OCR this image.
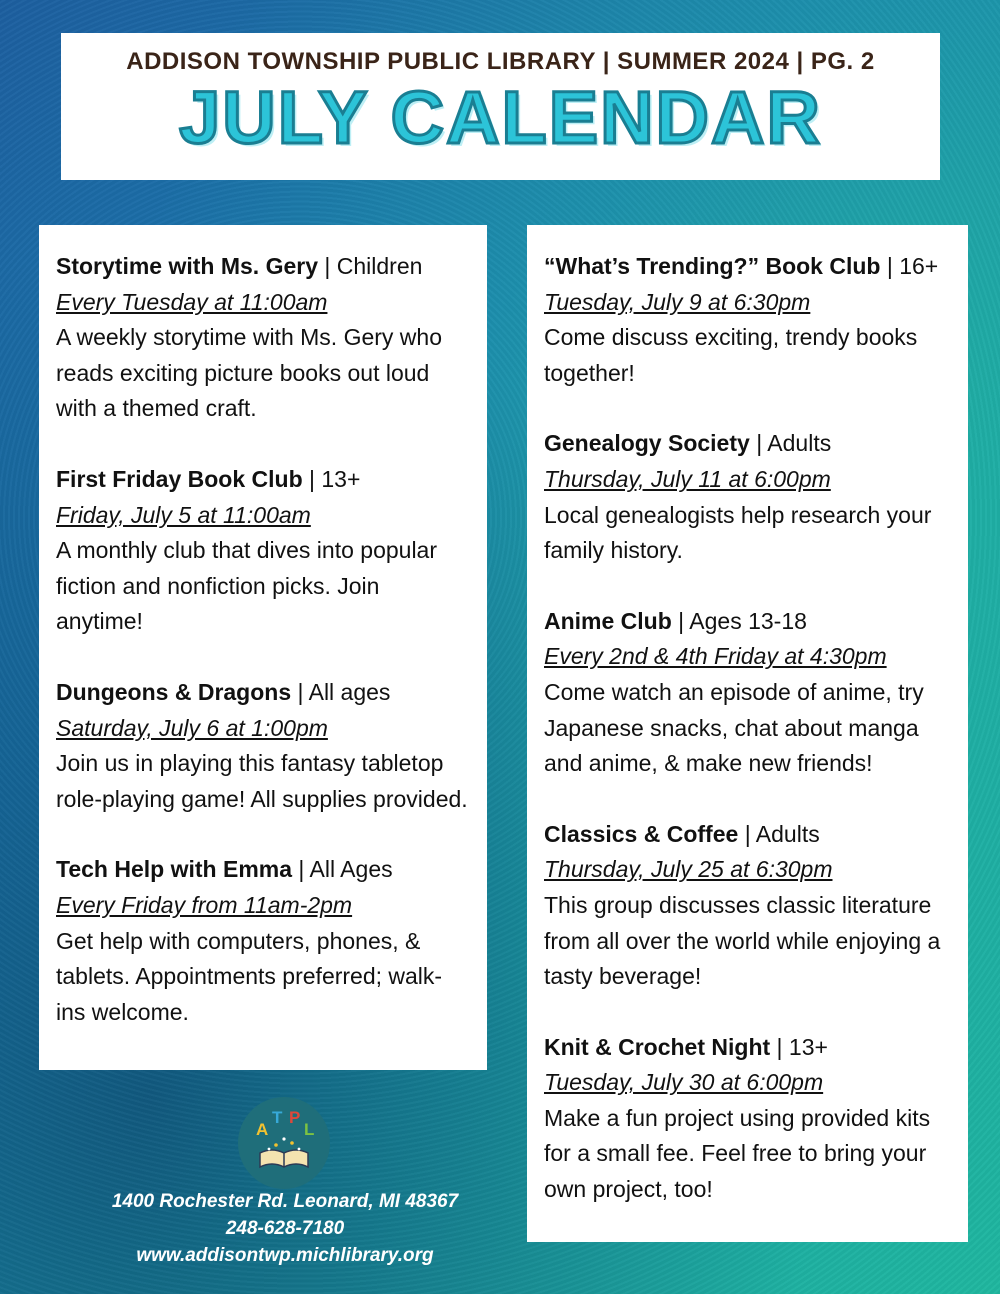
ADDISON TOWNSHIP PUBLIC LIBRARY | SUMMER 2024 | PG. 2
JULY CALENDAR
Storytime with Ms. Gery | Children
Every Tuesday at 11:00am
A weekly storytime with Ms. Gery who reads exciting picture books out loud with a themed craft.
First Friday Book Club | 13+
Friday, July 5 at 11:00am
A monthly club that dives into popular fiction and nonfiction picks. Join anytime!
Dungeons & Dragons | All ages
Saturday, July 6 at 1:00pm
Join us in playing this fantasy tabletop role-playing game! All supplies provided.
Tech Help with Emma | All Ages
Every Friday from 11am-2pm
Get help with computers, phones, & tablets. Appointments preferred; walk-ins welcome.
“What’s Trending?” Book Club | 16+
Tuesday, July 9 at 6:30pm
Come discuss exciting, trendy books together!
Genealogy Society | Adults
Thursday, July 11 at 6:00pm
Local genealogists help research your family history.
Anime Club | Ages 13-18
Every 2nd & 4th Friday at 4:30pm
Come watch an episode of anime, try Japanese snacks, chat about manga and anime, & make new friends!
Classics & Coffee | Adults
Thursday, July 25 at 6:30pm
This group discusses classic literature from all over the world while enjoying a tasty beverage!
Knit & Crochet Night | 13+
Tuesday, July 30 at 6:00pm
Make a fun project using provided kits for a small fee. Feel free to bring your own project, too!
A
T P
L
1400 Rochester Rd. Leonard, MI 48367
248-628-7180
www.addisontwp.michlibrary.org
